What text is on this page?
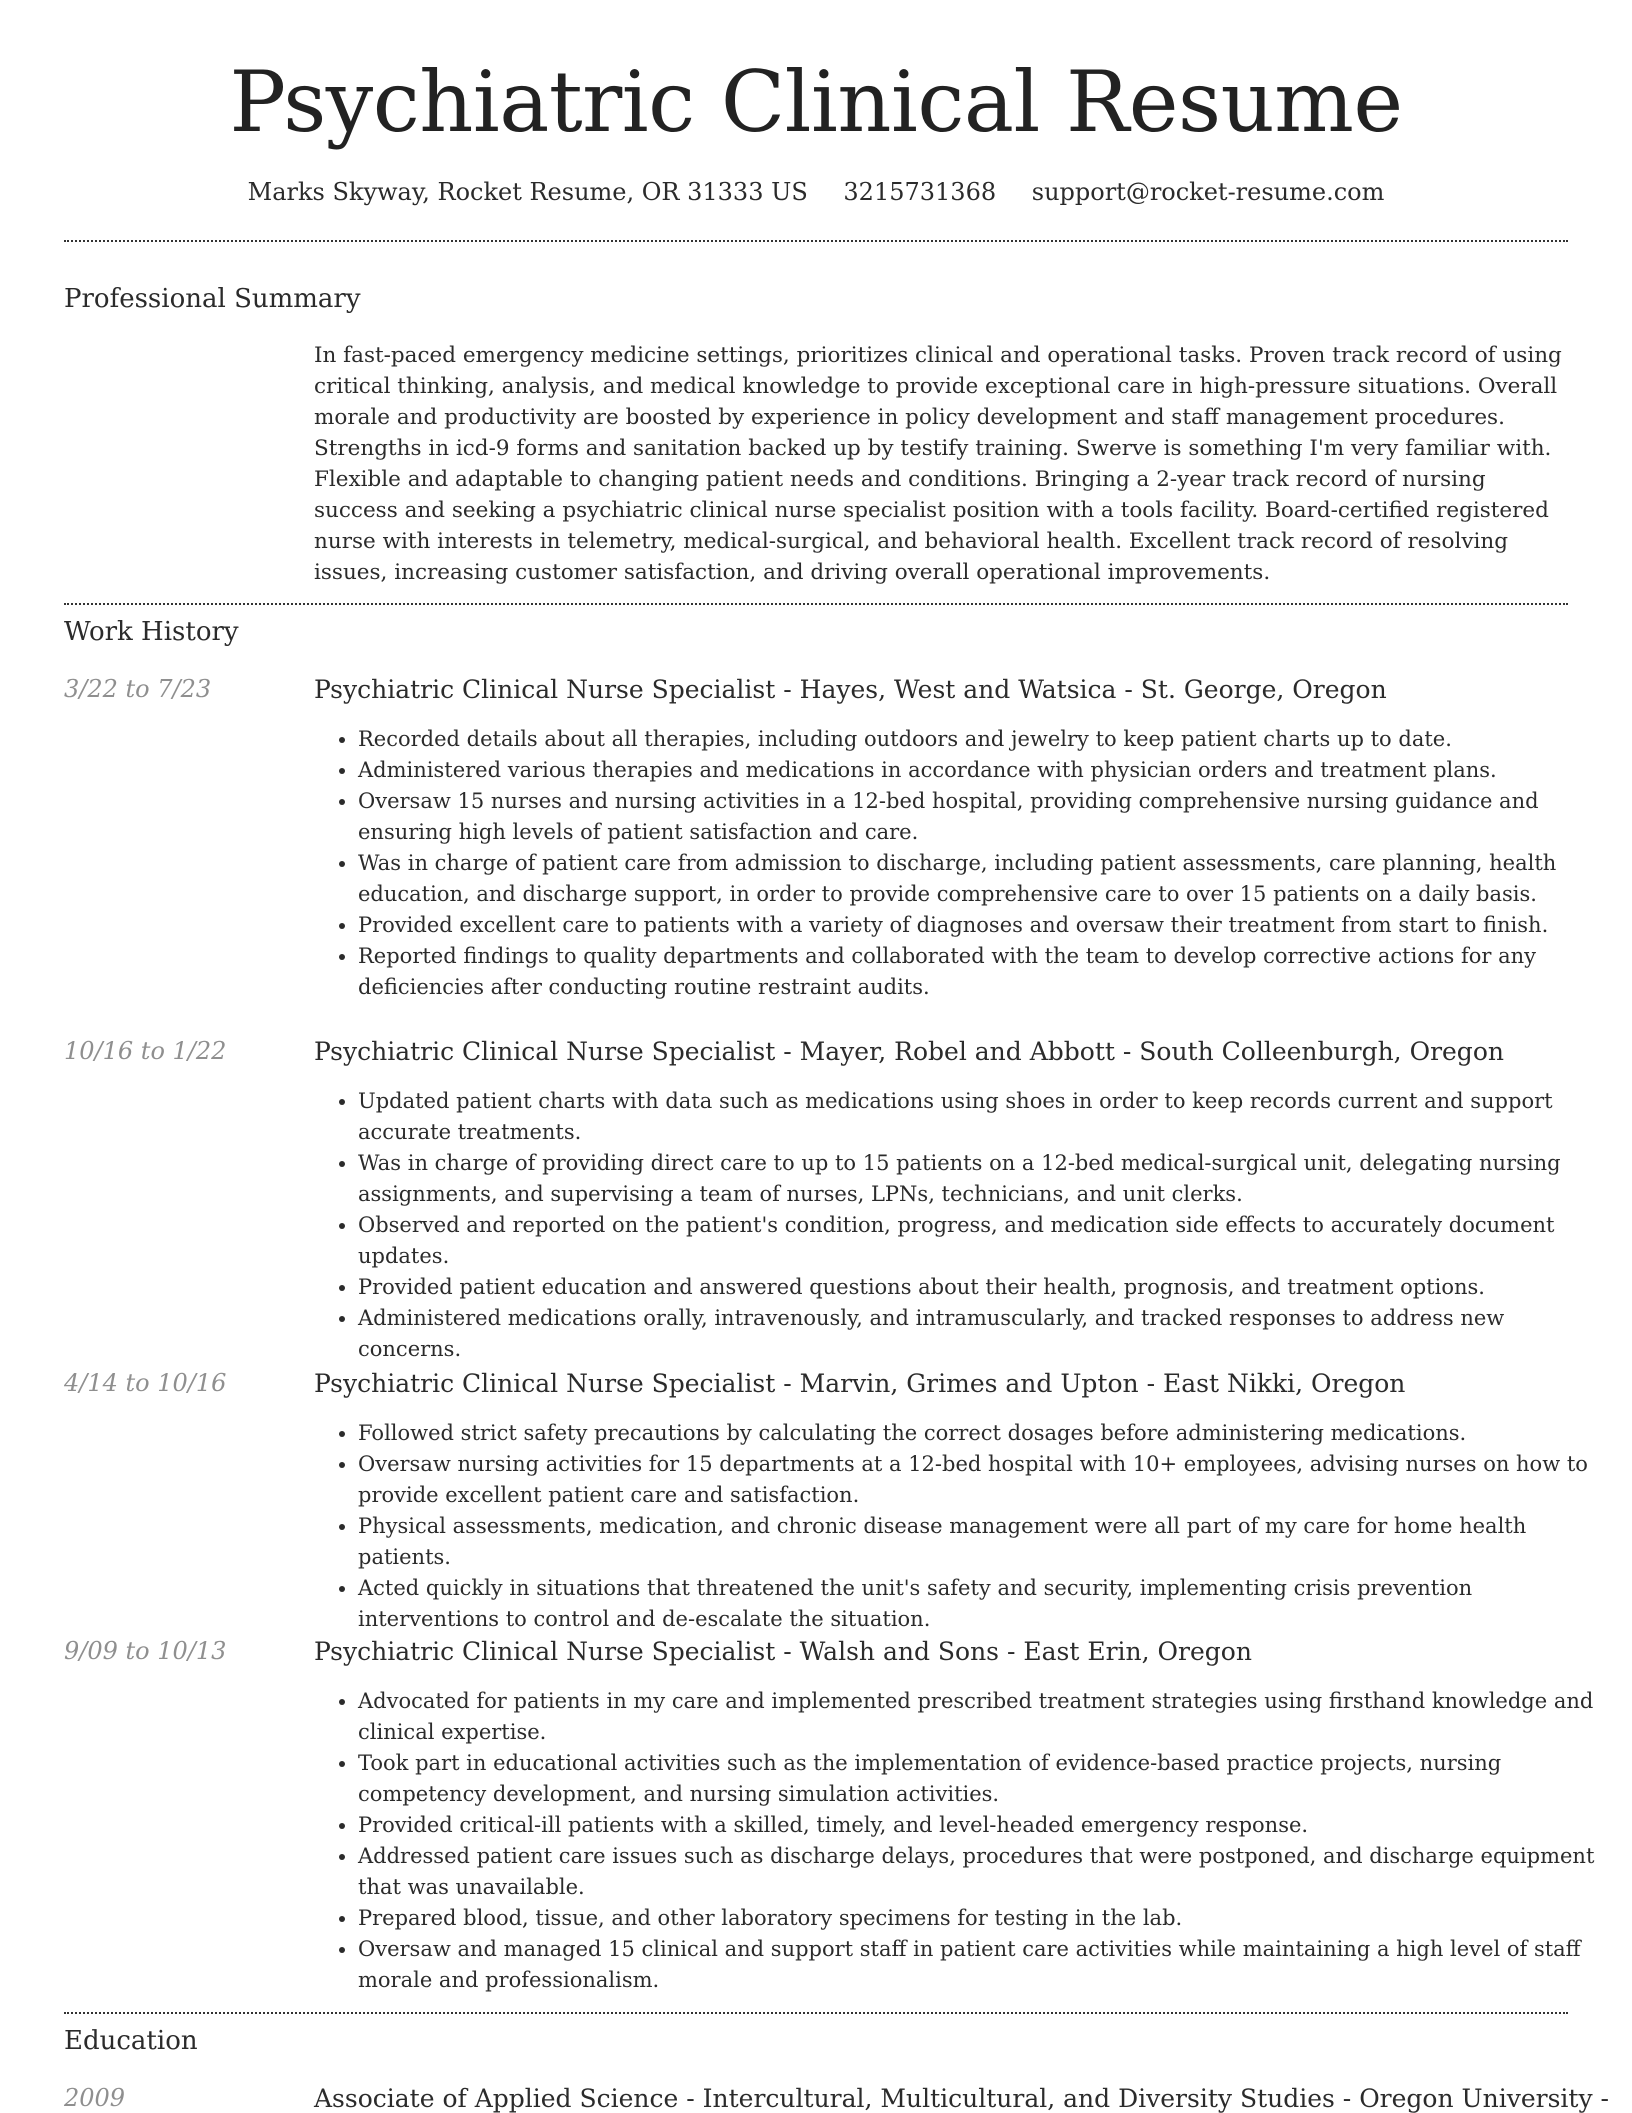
Psychiatric Clinical Resume
Marks Skyway, Rocket Resume, OR 31333 US 3215731368 support@rocket-resume.com
Professional Summary
In fast-paced emergency medicine settings, prioritizes clinical and operational tasks. Proven track record of using critical thinking, analysis, and medical knowledge to provide exceptional care in high-pressure situations. Overall morale and productivity are boosted by experience in policy development and staff management procedures. Strengths in icd-9 forms and sanitation backed up by testify training. Swerve is something I'm very familiar with. Flexible and adaptable to changing patient needs and conditions. Bringing a 2-year track record of nursing success and seeking a psychiatric clinical nurse specialist position with a tools facility. Board-certified registered nurse with interests in telemetry, medical-surgical, and behavioral health. Excellent track record of resolving issues, increasing customer satisfaction, and driving overall operational improvements.
Work History
3/22 to 7/23	Psychiatric Clinical Nurse Specialist - Hayes, West and Watsica - St. George, Oregon
• Recorded details about all therapies, including outdoors and jewelry to keep patient charts up to date.
• Administered various therapies and medications in accordance with physician orders and treatment plans.
• Oversaw 15 nurses and nursing activities in a 12-bed hospital, providing comprehensive nursing guidance and ensuring high levels of patient satisfaction and care.
• Was in charge of patient care from admission to discharge, including patient assessments, care planning, health education, and discharge support, in order to provide comprehensive care to over 15 patients on a daily basis.
• Provided excellent care to patients with a variety of diagnoses and oversaw their treatment from start to finish.
• Reported findings to quality departments and collaborated with the team to develop corrective actions for any deficiencies after conducting routine restraint audits.
10/16 to 1/22	Psychiatric Clinical Nurse Specialist - Mayer, Robel and Abbott - South Colleenburgh, Oregon
• Updated patient charts with data such as medications using shoes in order to keep records current and support accurate treatments.
• Was in charge of providing direct care to up to 15 patients on a 12-bed medical-surgical unit, delegating nursing assignments, and supervising a team of nurses, LPNs, technicians, and unit clerks.
• Observed and reported on the patient's condition, progress, and medication side effects to accurately document updates.
• Provided patient education and answered questions about their health, prognosis, and treatment options.
• Administered medications orally, intravenously, and intramuscularly, and tracked responses to address new concerns.
4/14 to 10/16	Psychiatric Clinical Nurse Specialist - Marvin, Grimes and Upton - East Nikki, Oregon
• Followed strict safety precautions by calculating the correct dosages before administering medications.
• Oversaw nursing activities for 15 departments at a 12-bed hospital with 10+ employees, advising nurses on how to provide excellent patient care and satisfaction.
• Physical assessments, medication, and chronic disease management were all part of my care for home health patients.
• Acted quickly in situations that threatened the unit's safety and security, implementing crisis prevention interventions to control and de-escalate the situation.
9/09 to 10/13	Psychiatric Clinical Nurse Specialist - Walsh and Sons - East Erin, Oregon
• Advocated for patients in my care and implemented prescribed treatment strategies using firsthand knowledge and clinical expertise.
• Took part in educational activities such as the implementation of evidence-based practice projects, nursing competency development, and nursing simulation activities.
• Provided critical-ill patients with a skilled, timely, and level-headed emergency response.
• Addressed patient care issues such as discharge delays, procedures that were postponed, and discharge equipment that was unavailable.
• Prepared blood, tissue, and other laboratory specimens for testing in the lab.
• Oversaw and managed 15 clinical and support staff in patient care activities while maintaining a high level of staff morale and professionalism.
Education
2009	Associate of Applied Science - Intercultural, Multicultural, and Diversity Studies - Oregon University -
